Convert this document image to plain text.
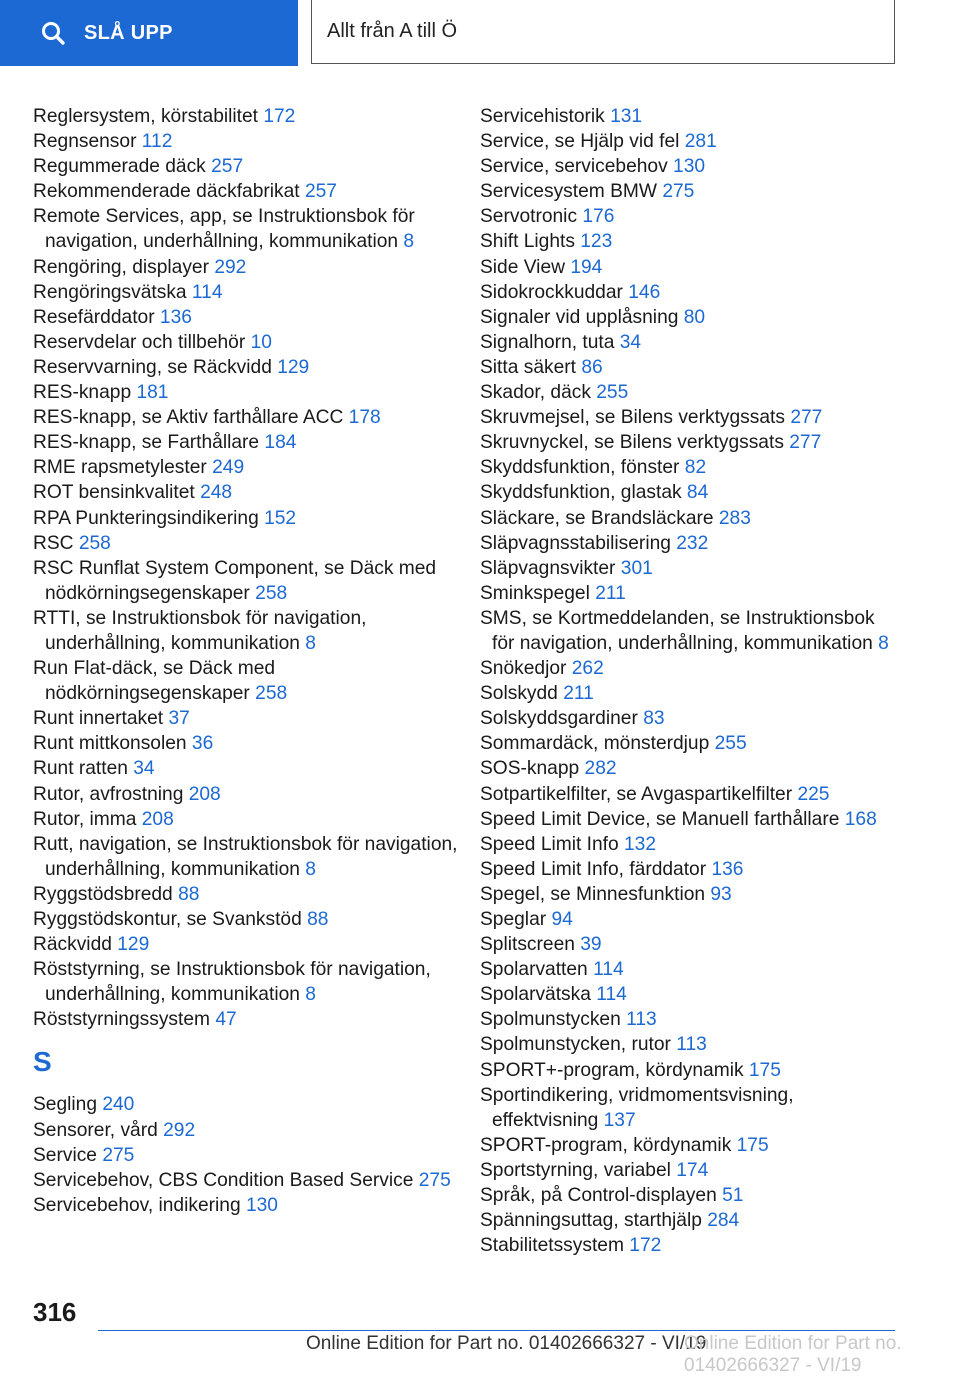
SLÅ UPP	Allt från A till Ö
Reglersystem, körstabilitet 172
Regnsensor 112
Regummerade däck 257
Rekommenderade däckfabrikat 257
Remote Services, app, se Instruktionsbok för navigation, underhållning, kommunikation 8
Rengöring, displayer 292
Rengöringsvätska 114
Resefärddator 136
Reservdelar och tillbehör 10
Reservvarning, se Räckvidd 129
RES-knapp 181
RES-knapp, se Aktiv farthållare ACC 178
RES-knapp, se Farthållare 184
RME rapsmetylester 249
ROT bensinkvalitet 248
RPA Punkteringsindikering 152
RSC 258
RSC Runflat System Component, se Däck med nödkörningsegenskaper 258
RTTI, se Instruktionsbok för navigation, underhållning, kommunikation 8
Run Flat-däck, se Däck med nödkörningsegenskaper 258
Runt innertaket 37
Runt mittkonsolen 36
Runt ratten 34
Rutor, avfrostning 208
Rutor, imma 208
Rutt, navigation, se Instruktionsbok för navigation, underhållning, kommunikation 8
Ryggstödsbredd 88
Ryggstödskontur, se Svankstöd 88
Räckvidd 129
Röststyrning, se Instruktionsbok för navigation, underhållning, kommunikation 8
Röststyrningssystem 47
S
Segling 240
Sensorer, vård 292
Service 275
Servicebehov, CBS Condition Based Service 275
Servicebehov, indikering 130
Servicehistorik 131
Service, se Hjälp vid fel 281
Service, servicebehov 130
Servicesystem BMW 275
Servotronic 176
Shift Lights 123
Side View 194
Sidokrockkuddar 146
Signaler vid upplåsning 80
Signalhorn, tuta 34
Sitta säkert 86
Skador, däck 255
Skruvmejsel, se Bilens verktygssats 277
Skruvnyckel, se Bilens verktygssats 277
Skyddsfunktion, fönster 82
Skyddsfunktion, glastak 84
Släckare, se Brandsläckare 283
Släpvagnsstabilisering 232
Släpvagnsvikter 301
Sminkspegel 211
SMS, se Kortmeddelanden, se Instruktionsbok för navigation, underhållning, kommunikation 8
Snökedjor 262
Solskydd 211
Solskyddsgardiner 83
Sommardäck, mönsterdjup 255
SOS-knapp 282
Sotpartikelfilter, se Avgaspartikelfilter 225
Speed Limit Device, se Manuell farthållare 168
Speed Limit Info 132
Speed Limit Info, färddator 136
Spegel, se Minnesfunktion 93
Speglar 94
Splitscreen 39
Spolarvatten 114
Spolarvätska 114
Spolmunstycken 113
Spolmunstycken, rutor 113
SPORT+-program, kördynamik 175
Sportindikering, vridmomentsvisning, effektvisning 137
SPORT-program, kördynamik 175
Sportstyrning, variabel 174
Språk, på Control-displayen 51
Spänningsuttag, starthjälp 284
Stabilitetssystem 172
316
Online Edition for Part no. 01402666327 - VI/19
Online Edition for Part no. 01402666327 - VI/19
